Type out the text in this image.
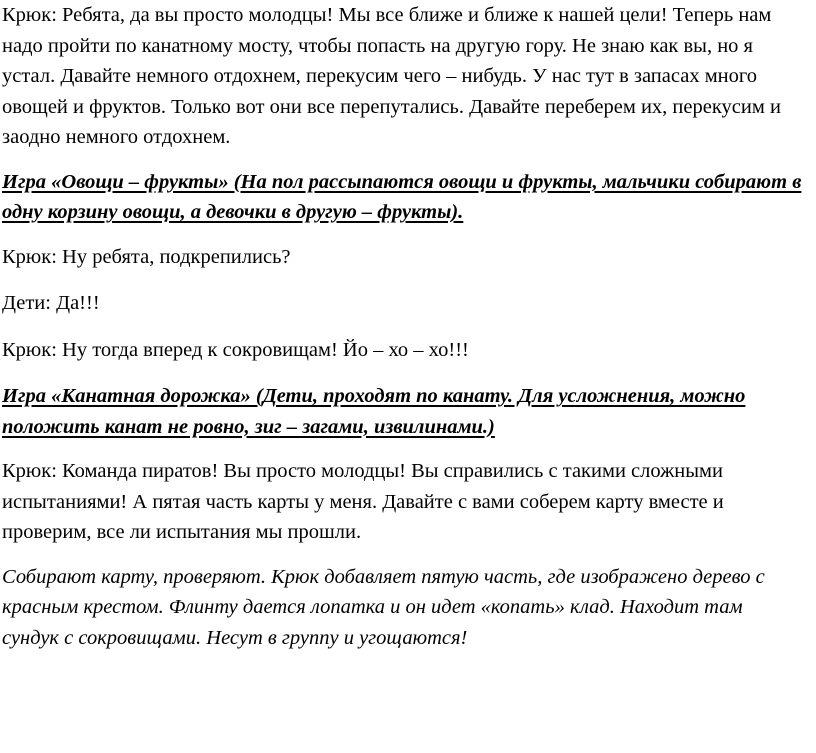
Крюк: Ребята, да вы просто молодцы! Мы все ближе и ближе к нашей цели! Теперь нам надо пройти по канатному мосту, чтобы попасть на другую гору. Не знаю как вы, но я устал. Давайте немного отдохнем, перекусим чего – нибудь. У нас тут в запасах много овощей и фруктов. Только вот они все перепутались. Давайте переберем их, перекусим и заодно немного отдохнем.

Игра «Овощи – фрукты» (На пол рассыпаются овощи и фрукты, мальчики собирают в одну корзину овощи, а девочки в другую – фрукты).

Крюк: Ну ребята, подкрепились?

Дети: Да!!!

Крюк: Ну тогда вперед к сокровищам! Йо – хо – хо!!!

Игра «Канатная дорожка» (Дети, проходят по канату. Для усложнения, можно положить канат не ровно, зиг – загами, извилинами.)

Крюк: Команда пиратов! Вы просто молодцы! Вы справились с такими сложными испытаниями! А пятая часть карты у меня. Давайте с вами соберем карту вместе и проверим, все ли испытания мы прошли.

Собирают карту, проверяют. Крюк добавляет пятую часть, где изображено дерево с красным крестом. Флинту дается лопатка и он идет «копать» клад. Находит там сундук с сокровищами. Несут в группу и угощаются!
